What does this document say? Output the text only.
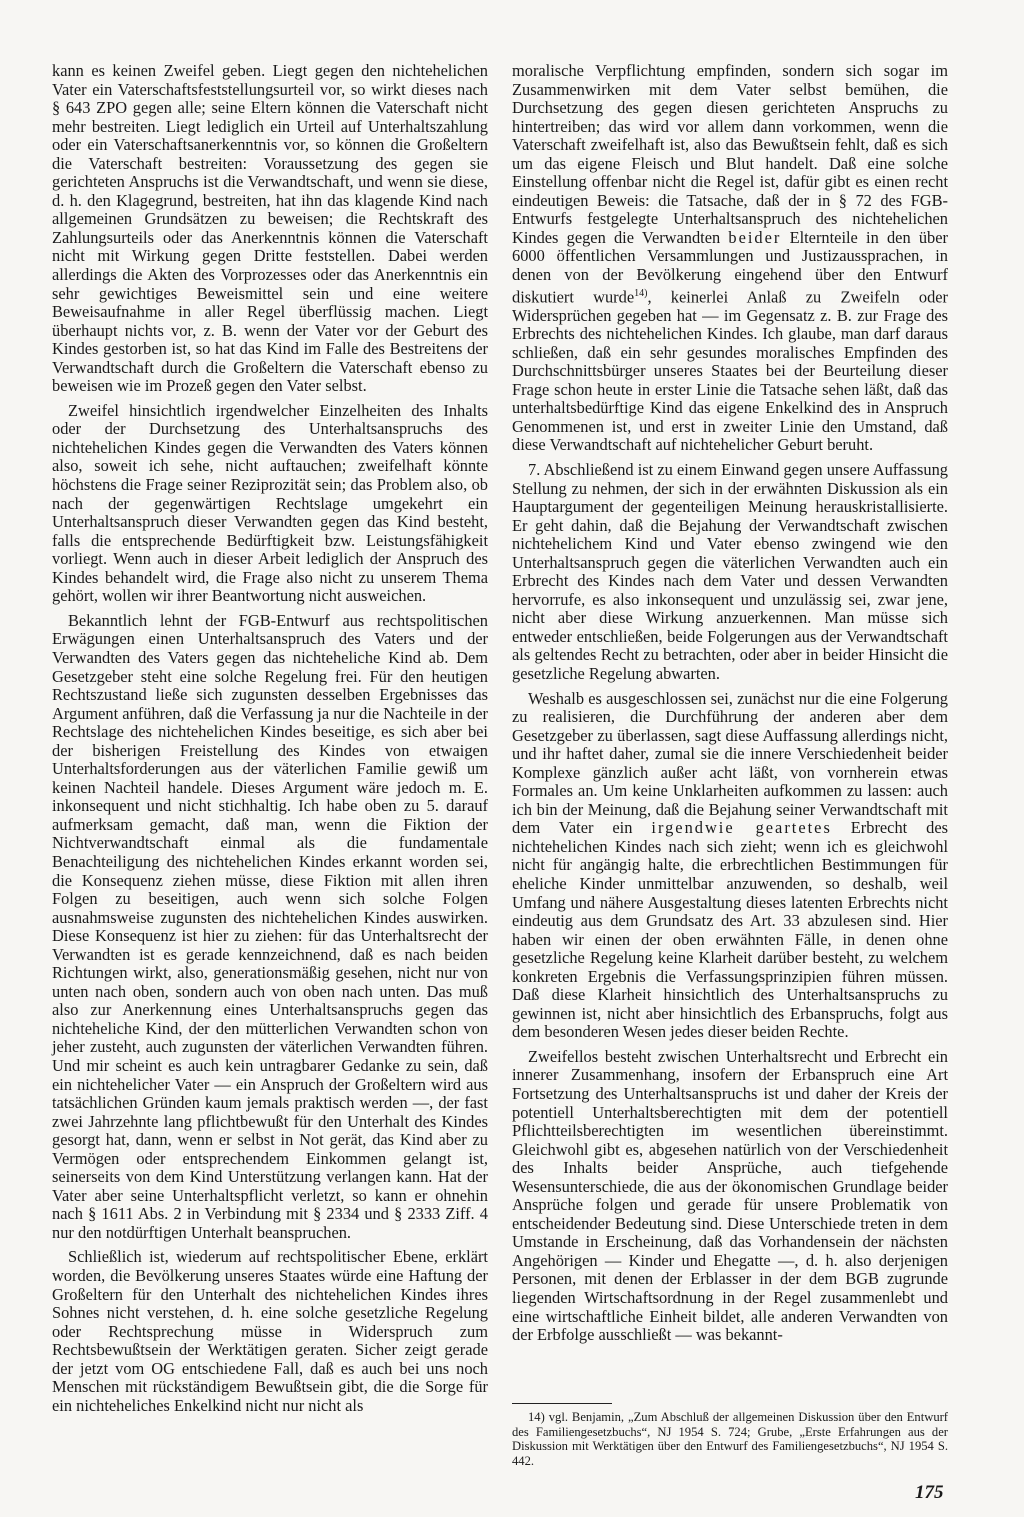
kann es keinen Zweifel geben. Liegt gegen den nichtehelichen Vater ein Vaterschaftsfeststellungsurteil vor, so wirkt dieses nach § 643 ZPO gegen alle; seine Eltern können die Vaterschaft nicht mehr bestreiten. Liegt lediglich ein Urteil auf Unterhaltszahlung oder ein Vaterschaftsanerkenntnis vor, so können die Großeltern die Vaterschaft bestreiten: Voraussetzung des gegen sie gerichteten Anspruchs ist die Verwandtschaft, und wenn sie diese, d. h. den Klagegrund, bestreiten, hat ihn das klagende Kind nach allgemeinen Grundsätzen zu beweisen; die Rechtskraft des Zahlungsurteils oder das Anerkenntnis können die Vaterschaft nicht mit Wirkung gegen Dritte feststellen. Dabei werden allerdings die Akten des Vorprozesses oder das Anerkenntnis ein sehr gewichtiges Beweismittel sein und eine weitere Beweisaufnahme in aller Regel überflüssig machen. Liegt überhaupt nichts vor, z. B. wenn der Vater vor der Geburt des Kindes gestorben ist, so hat das Kind im Falle des Bestreitens der Verwandtschaft durch die Großeltern die Vaterschaft ebenso zu beweisen wie im Prozeß gegen den Vater selbst.

Zweifel hinsichtlich irgendwelcher Einzelheiten des Inhalts oder der Durchsetzung des Unterhaltsanspruchs des nichtehelichen Kindes gegen die Verwandten des Vaters können also, soweit ich sehe, nicht auftauchen; zweifelhaft könnte höchstens die Frage seiner Reziprozität sein; das Problem also, ob nach der gegenwärtigen Rechtslage umgekehrt ein Unterhaltsanspruch dieser Verwandten gegen das Kind besteht, falls die entsprechende Bedürftigkeit bzw. Leistungsfähigkeit vorliegt. Wenn auch in dieser Arbeit lediglich der Anspruch des Kindes behandelt wird, die Frage also nicht zu unserem Thema gehört, wollen wir ihrer Beantwortung nicht ausweichen.

Bekanntlich lehnt der FGB-Entwurf aus rechtspolitischen Erwägungen einen Unterhaltsanspruch des Vaters und der Verwandten des Vaters gegen das nichteheliche Kind ab. Dem Gesetzgeber steht eine solche Regelung frei. Für den heutigen Rechtszustand ließe sich zugunsten desselben Ergebnisses das Argument anführen, daß die Verfassung ja nur die Nachteile in der Rechtslage des nichtehelichen Kindes beseitige, es sich aber bei der bisherigen Freistellung des Kindes von etwaigen Unterhaltsforderungen aus der väterlichen Familie gewiß um keinen Nachteil handele. Dieses Argument wäre jedoch m. E. inkonsequent und nicht stichhaltig. Ich habe oben zu 5. darauf aufmerksam gemacht, daß man, wenn die Fiktion der Nichtverwandtschaft einmal als die fundamentale Benachteiligung des nichtehelichen Kindes erkannt worden sei, die Konsequenz ziehen müsse, diese Fiktion mit allen ihren Folgen zu beseitigen, auch wenn sich solche Folgen ausnahmsweise zugunsten des nichtehelichen Kindes auswirken. Diese Konsequenz ist hier zu ziehen: für das Unterhaltsrecht der Verwandten ist es gerade kennzeichnend, daß es nach beiden Richtungen wirkt, also, generationsmäßig gesehen, nicht nur von unten nach oben, sondern auch von oben nach unten. Das muß also zur Anerkennung eines Unterhaltsanspruchs gegen das nichteheliche Kind, der den mütterlichen Verwandten schon von jeher zusteht, auch zugunsten der väterlichen Verwandten führen. Und mir scheint es auch kein untragbarer Gedanke zu sein, daß ein nichtehelicher Vater — ein Anspruch der Großeltern wird aus tatsächlichen Gründen kaum jemals praktisch werden —, der fast zwei Jahrzehnte lang pflichtbewußt für den Unterhalt des Kindes gesorgt hat, dann, wenn er selbst in Not gerät, das Kind aber zu Vermögen oder entsprechendem Einkommen gelangt ist, seinerseits von dem Kind Unterstützung verlangen kann. Hat der Vater aber seine Unterhaltspflicht verletzt, so kann er ohnehin nach § 1611 Abs. 2 in Verbindung mit § 2334 und § 2333 Ziff. 4 nur den notdürftigen Unterhalt beanspruchen.

Schließlich ist, wiederum auf rechtspolitischer Ebene, erklärt worden, die Bevölkerung unseres Staates würde eine Haftung der Großeltern für den Unterhalt des nichtehelichen Kindes ihres Sohnes nicht verstehen, d. h. eine solche gesetzliche Regelung oder Rechtsprechung müsse in Widerspruch zum Rechtsbewußtsein der Werktätigen geraten. Sicher zeigt gerade der jetzt vom OG entschiedene Fall, daß es auch bei uns noch Menschen mit rückständigem Bewußtsein gibt, die die Sorge für ein nichteheliches Enkelkind nicht nur nicht als

moralische Verpflichtung empfinden, sondern sich sogar im Zusammenwirken mit dem Vater selbst bemühen, die Durchsetzung des gegen diesen gerichteten Anspruchs zu hintertreiben; das wird vor allem dann vorkommen, wenn die Vaterschaft zweifelhaft ist, also das Bewußtsein fehlt, daß es sich um das eigene Fleisch und Blut handelt. Daß eine solche Einstellung offenbar nicht die Regel ist, dafür gibt es einen recht eindeutigen Beweis: die Tatsache, daß der in § 72 des FGB-Entwurfs festgelegte Unterhaltsanspruch des nichtehelichen Kindes gegen die Verwandten beider Elternteile in den über 6000 öffentlichen Versammlungen und Justizaussprachen, in denen von der Bevölkerung eingehend über den Entwurf diskutiert wurde$^{14)}$, keinerlei Anlaß zu Zweifeln oder Widersprüchen gegeben hat — im Gegensatz z. B. zur Frage des Erbrechts des nichtehelichen Kindes. Ich glaube, man darf daraus schließen, daß ein sehr gesundes moralisches Empfinden des Durchschnittsbürger unseres Staates bei der Beurteilung dieser Frage schon heute in erster Linie die Tatsache sehen läßt, daß das unterhaltsbedürftige Kind das eigene Enkelkind des in Anspruch Genommenen ist, und erst in zweiter Linie den Umstand, daß diese Verwandtschaft auf nichtehelicher Geburt beruht.

7. Abschließend ist zu einem Einwand gegen unsere Auffassung Stellung zu nehmen, der sich in der erwähnten Diskussion als ein Hauptargument der gegenteiligen Meinung herauskristallisierte. Er geht dahin, daß die Bejahung der Verwandtschaft zwischen nichtehelichem Kind und Vater ebenso zwingend wie den Unterhaltsanspruch gegen die väterlichen Verwandten auch ein Erbrecht des Kindes nach dem Vater und dessen Verwandten hervorrufe, es also inkonsequent und unzulässig sei, zwar jene, nicht aber diese Wirkung anzuerkennen. Man müsse sich entweder entschließen, beide Folgerungen aus der Verwandtschaft als geltendes Recht zu betrachten, oder aber in beider Hinsicht die gesetzliche Regelung abwarten.

Weshalb es ausgeschlossen sei, zunächst nur die eine Folgerung zu realisieren, die Durchführung der anderen aber dem Gesetzgeber zu überlassen, sagt diese Auffassung allerdings nicht, und ihr haftet daher, zumal sie die innere Verschiedenheit beider Komplexe gänzlich außer acht läßt, von vornherein etwas Formales an. Um keine Unklarheiten aufkommen zu lassen: auch ich bin der Meinung, daß die Bejahung seiner Verwandtschaft mit dem Vater ein irgendwie geartetes Erbrecht des nichtehelichen Kindes nach sich zieht; wenn ich es gleichwohl nicht für angängig halte, die erbrechtlichen Bestimmungen für eheliche Kinder unmittelbar anzuwenden, so deshalb, weil Umfang und nähere Ausgestaltung dieses latenten Erbrechts nicht eindeutig aus dem Grundsatz des Art. 33 abzulesen sind. Hier haben wir einen der oben erwähnten Fälle, in denen ohne gesetzliche Regelung keine Klarheit darüber besteht, zu welchem konkreten Ergebnis die Verfassungsprinzipien führen müssen. Daß diese Klarheit hinsichtlich des Unterhaltsanspruchs zu gewinnen ist, nicht aber hinsichtlich des Erbanspruchs, folgt aus dem besonderen Wesen jedes dieser beiden Rechte.

Zweifellos besteht zwischen Unterhaltsrecht und Erbrecht ein innerer Zusammenhang, insofern der Erbanspruch eine Art Fortsetzung des Unterhaltsanspruchs ist und daher der Kreis der potentiell Unterhaltsberechtigten mit dem der potentiell Pflichtteilsberechtigten im wesentlichen übereinstimmt. Gleichwohl gibt es, abgesehen natürlich von der Verschiedenheit des Inhalts beider Ansprüche, auch tiefgehende Wesensunterschiede, die aus der ökonomischen Grundlage beider Ansprüche folgen und gerade für unsere Problematik von entscheidender Bedeutung sind. Diese Unterschiede treten in dem Umstande in Erscheinung, daß das Vorhandensein der nächsten Angehörigen — Kinder und Ehegatte —, d. h. also derjenigen Personen, mit denen der Erblasser in der dem BGB zugrunde liegenden Wirtschaftsordnung in der Regel zusammenlebt und eine wirtschaftliche Einheit bildet, alle anderen Verwandten von der Erbfolge ausschließt — was bekannt-

14) vgl. Benjamin, „Zum Abschluß der allgemeinen Diskussion über den Entwurf des Familiengesetzbuchs“, NJ 1954 S. 724; Grube, „Erste Erfahrungen aus der Diskussion mit Werktätigen über den Entwurf des Familiengesetzbuchs“, NJ 1954 S. 442.

175
